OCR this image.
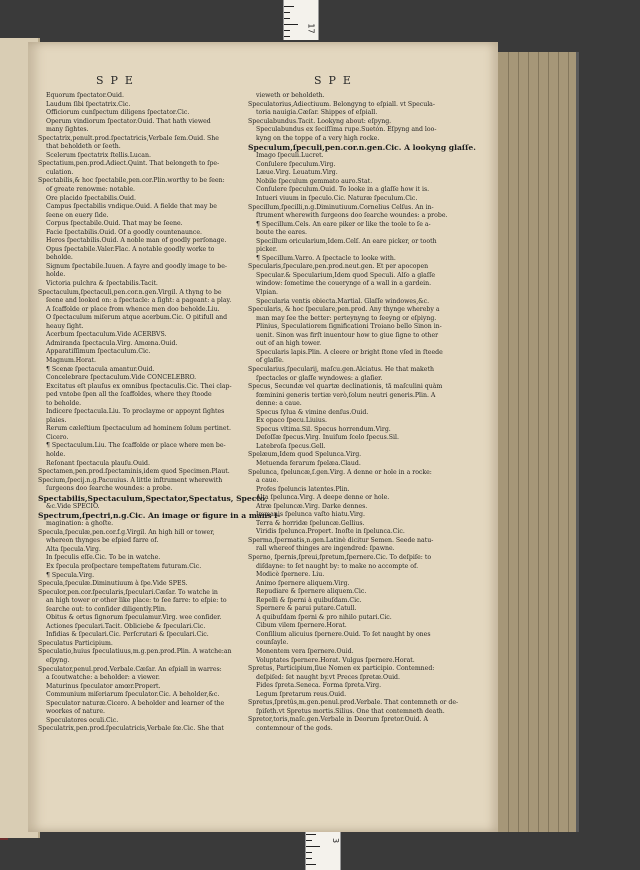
17
3
SPE	SPE

Equorum ſpectator.Ouid.

Laudum ſibi ſpectatrix.Cic.

Officiorum cunſpectum diligens ſpectator.Cic.

Operum vindiorum ſpectator.Ouid. That hath viewed

many ſightes.

Spectatrix,penult.prod.ſpectatricis,Verbale ſem.Ouid. She

that beholdeth or ſeeth.

Scelerum ſpectatrix ſtellis.Lucan.

Spectatium,pen.prod.Adiect.Quint. That belongeth to ſpe-

culation.

Spectabilis,& hoc ſpectabile,pen.cor.Plin.worthy to be ſeen:

of greate renowme: notable.

Ore placido ſpectabilis.Ouid.

Campus ſpectabilis vndique.Ouid. A fielde that may be

ſeene on euery ſide.

Corpus ſpectabile.Ouid. That may be ſeene.

Facie ſpectabilis.Ouid. Of a goodly countenaunce.

Heros ſpectabilis.Ouid. A noble man of goodly perſonage.

Opus ſpectabile.Valer.Flac. A notable goodly worke to

beholde.

Signum ſpectabile.Iuuen. A fayre and goodly image to be-

holde.

Victoria pulchra & ſpectabilis.Tacit.

Spectaculum,ſpectaculi,pen.cor.n.gen.Virgil. A thyng to be

ſeene and looked on: a ſpectacle: a ſight: a pageant: a play.

A ſcaffolde or place from whence men doo beholde.Liu.

O ſpectaculum miſerum atque acerbum.Cic. O pitifull and

heauy ſight.

Acerbum ſpectaculum.Vide ACERBVS.

Admiranda ſpectacula.Virg. Amœna.Ouid.

Apparatiſſimum ſpectaculum.Cic.

Magnum.Horat.

¶ Scenæ ſpectacula amantur.Ouid.

Concelebrare ſpectaculum.Vide CONCELEBRO.

Excitatus eſt plauſus ex omnibus ſpectaculis.Cic. Thei clap-

ped vntobe ſpen all the ſcaffoldes, where they ſtoode

to beholde.

Indicere ſpectacula.Liu. To proclayme or appoynt ſightes

plaies.

Rerum cæleſtium ſpectaculum ad hominem ſolum pertinet.

Cicero.

¶ Spectaculum.Liu. The ſcaffolde or place where men be-

holde.

Reſonant ſpectacula plauſu.Ouid.

Spectamen,pen.prod.ſpectaminis,idem quod Specimen.Plaut.

Specium,ſpecij.n.g.Pacuuius. A little inſtrument wherewith

ſurgeons doo ſearche woundes: a probe.

Spectabilis,Spectaculum,Spectator,Spectatus, Specto,

&c.Vide SPECIO.

Spectrum,ſpectri,n.g.Cic. An image or figure in a mans i-

magination: a ghoſte.

Specula,ſpeculæ,pen.cor.f.g.Virgil. An high hill or tower,

whereon thynges be eſpied farre of.

Alta ſpecula.Virg.

In ſpeculis eſſe.Cic. To be in watche.

Ex ſpecula proſpectare tempeſtatem futuram.Cic.

¶ Specula.Virg.

Specula,ſpeculæ.Diminutiuum à ſpe.Vide SPES.

Speculor,pen.cor.ſpecularis,ſpeculari.Cæſar. To watche in

an high tower or other like place: to ſee farre: to eſpie: to

ſearche out: to conſider diligently.Plin.

Obitus & ortus ſignorum ſpeculamur.Virg. wee conſider.

Actiones ſpeculari.Tacit. Obliciebe & ſpeculari.Cic.

Infidias & ſpeculari.Cic. Perſcrutari & ſpeculari.Cic.

Speculatus Participium.

Speculatio,huius ſpeculatiuus,m.g.pen.prod.Plin. A watche:an

eſpyng.

Speculator,penul.prod.Verbale.Cæſar. An eſpiall in warres:

a ſcoutwatche: a beholder: a viewer.

Maturinus ſpeculator amœr.Propert.

Communium miſeriarum ſpeculator.Cic. A beholder,&c.

Speculator naturæ.Cicero. A beholder and learner of the

woorkes of nature.

Speculatores oculi.Cic.

Speculatrix,pen.prod.ſpeculatricis,Verbale ſœ.Cic. She that

vieweth or beholdeth.

Speculatorius,Adiectiuum. Belongyng to eſpiall. vt Specula-

toria nauigia.Cæſar. Shippes of eſpiall.

Speculabundus.Tacit. Lookyng about: eſpyng.

Speculabundus ex ſeciſſima rupe.Suetón. Eſpyng and loo-

kyng on the toppe of a very high rocke.

Speculum,ſpeculi,pen.cor.n.gen.Cic. A lookyng glaſſe.

Imago ſpeculi.Lucret.

Conſulere ſpeculum.Virg.

Læue.Virg. Leuatum.Virg.

Nobile ſpeculum gemmato auro.Stat.

Conſulere ſpeculum.Ouid. To looke in a glaſſe how it is.

Intueri viuum in ſpeculo.Cic. Naturæ ſpeculum.Cic.

Specillum,ſpecilli,n.g.Diminutiuum.Cornelius Celſus. An in-

ſtrument wherewith ſurgeons doo ſearche woundes: a probe.

¶ Specillum.Cels. An eare piker or like the toole to ſe a-

boute the eares.

Specillum oricularium,Idem.Celſ. An eare picker, or tooth

picker.

¶ Specillum.Varro. A ſpectacle to looke with.

Specularis,ſpeculare,pen.prod.neut.gen. Et per apocopen

Specular.& Specularium,Idem quod Speculi. Alſo a glaſſe

window: ſometime the couerynge of a wall in a gardein.

Vlpian.

Specularia ventis obiecta.Martial. Glaſſe windowes,&c.

Specularis, & hoc ſpeculare,pen.prod. Any thynge whereby a

man may ſee the better: perteynyng to ſeeyng or eſpiyng.

Plinius, Speculatiorem ſignificationi Troiano bello Sinon in-

uenit. Sinon was firſt inuentour how to giue ſigne to other

out of an high tower.

Specularis lapis.Plin. A cleere or bright ſtone vſed in ſteede

of glaſſe.

Specularius,ſpecularij, maſcu.gen.Alciatus. He that maketh

ſpectacles or glaſſe wyndowes: a glaſier.

Specus, Secundæ vel quartæ declinationis, tã maſculini quàm

fœminini generis tertiæ verò,ſolum neutri generis.Plin. A

denne: a caue.

Specus ſylua & vimine denſus.Ouid.

Ex opaco ſpecu.Liuius.

Specus vltima.Sil. Specus horrendum.Virg.

Deſoſſæ ſpecus.Virg. Inuiſum ſcelo ſpecus.Sil.

Latebroſa ſpecus.Gell.

Spelæum,Idem quod Spelunca.Virg.

Metuenda ferarum ſpelæa.Claud.

Spelunca, ſpeluncæ,ſ.gen.Virg. A denne or hole in a rocke:

a caue.

Profes ſpeluncis latentes.Plin.

Alta ſpelunca.Virg. A deepe denne or hole.

Atræ ſpeluncæ.Virg. Darke dennes.

Immanis ſpelunca vaſto hiatu.Virg.

Terra & horridæ ſpeluncæ.Gellius.

Viridis ſpelunca.Propert. Inoſte in ſpelunca.Cic.

Sperma,ſpermatis,n.gen.Latinè dicitur Semen. Seede natu-

rall whereof thinges are ingendred: ſpawne.

Sperno, ſpernis,ſpreui,ſpretum,ſpernere.Cic. To deſpiſe: to

diſdayne: to ſet naught by: to make no accompte of.

Modicè ſpernere. Liu.

Animo ſpernere aliquem.Virg.

Repudiare & ſpernere aliquem.Cic.

Repelli & ſperni à quibuſdam.Cic.

Spernere & parui putare.Catull.

A quibuſdam ſperni & pro nihilo putari.Cic.

Cibum vilem ſpernere.Horat.

Conſilium alicuius ſpernere.Ouid. To ſet naught by ones

counſayle.

Monentem vera ſpernere.Ouid.

Voluptates ſpernere.Horat. Vulgus ſpernere.Horat.

Spretus, Participium,ſiue Nomen ex participio. Contemned:

deſpiſed: ſet naught by.vt Preces ſpretæ.Ouid.

Fides ſpreta.Seneca. Forma ſpreta.Virg.

Legum ſpretarum reus.Ouid.

Spretus,ſpretûs,m.gen.penul.prod.Verbale. That contemneth or de-

ſpiſeth.vt Spretus mortis.Silius. One that contemneth death.

Spretor,toris,maſc.gen.Verbale in Deorum ſpretor.Ouid. A

contemnour of the gods.
